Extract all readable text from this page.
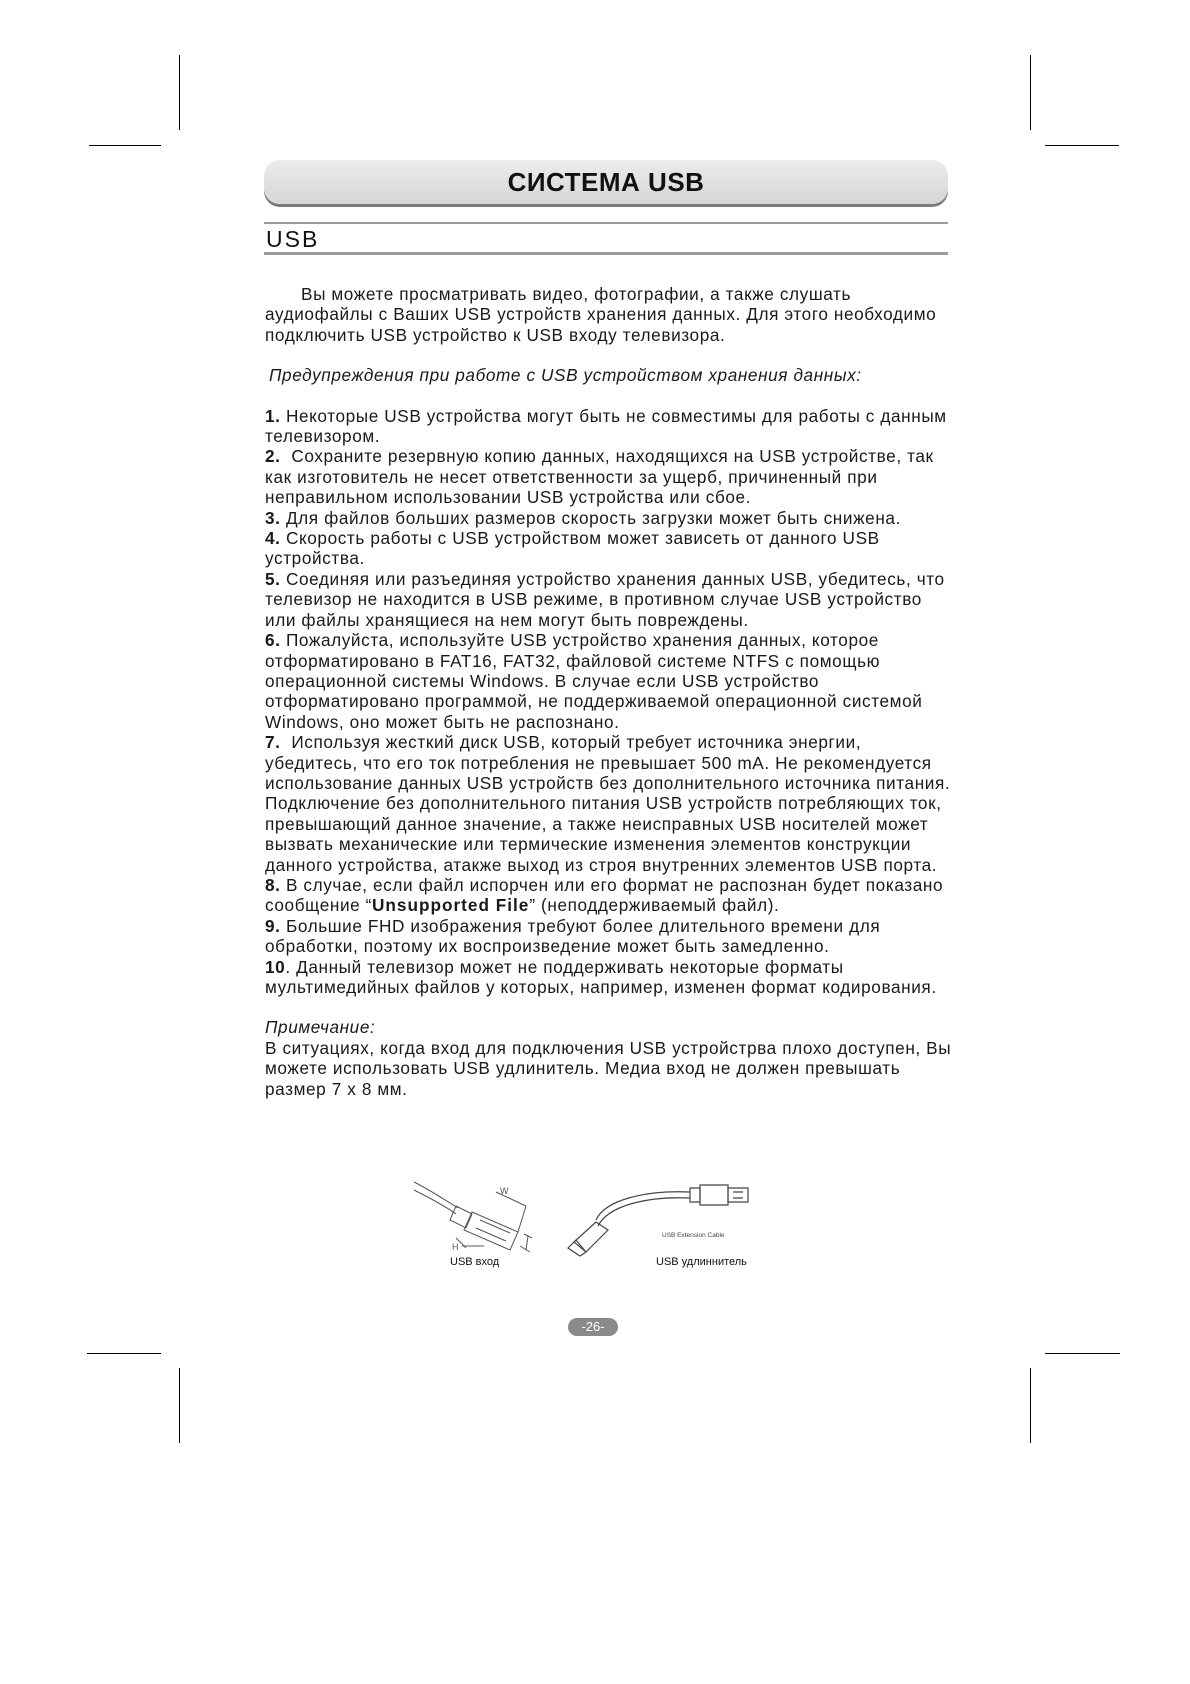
СИСТЕМА USB
USB

Вы можете просматривать видео, фотографии, а также слушать аудиофайлы с Ваших USB устройств хранения данных. Для этого необходимо подключить USB устройство к USB входу телевизора.

Предупреждения при работе с USB устройством хранения данных:

1. Некоторые USB устройства могут быть не совместимы для работы с данным телевизором.

2. Сохраните резервную копию данных, находящихся на USB устройстве, так как изготовитель не несет ответственности за ущерб, причиненный при неправильном использовании USB устройства или сбое.

3. Для файлов больших размеров скорость загрузки может быть снижена.

4. Скорость работы с USB устройством может зависеть от данного USB устройства.

5. Соединяя или разъединяя устройство хранения данных USB, убедитесь, что телевизор не находится в USB режиме, в противном случае USB устройство или файлы хранящиеся на нем могут быть повреждены.

6. Пожалуйста, используйте USB устройство хранения данных, которое отформатировано в FAT16, FAT32, файловой системе NTFS с помощью операционной системы Windows. В случае если USB устройство отформатировано программой, не поддерживаемой операционной системой Windows, оно может быть не распознано.

7. Используя жесткий диск USB, который требует источника энергии, убедитесь, что его ток потребления не превышает 500 mA. Не рекомендуется использование данных USB устройств без дополнительного источника питания. Подключение без дополнительного питания USB устройств потребляющих ток, превышающий данное значение, а также неисправных USB носителей может вызвать механические или термические изменения элементов конструкции данного устройства, атакже выход из строя внутренних элементов USB порта.

8. В случае, если файл испорчен или его формат не распознан будет показано сообщение “Unsupported File” (неподдерживаемый файл).

9. Большие FHD изображения требуют более длительного времени для обработки, поэтому их воспроизведение может быть замедленно.

10. Данный телевизор может не поддерживать некоторые форматы мультимедийных файлов у которых, например, изменен формат кодирования.

Примечание:

В ситуациях, когда вход для подключения USB устройстрва плохо доступен, Вы можете использовать USB удлинитель. Медиа вход не должен превышать размер 7 х 8 мм.

W
H
USB Extension Cable
USB вход	USB удлиннитель
-26-
